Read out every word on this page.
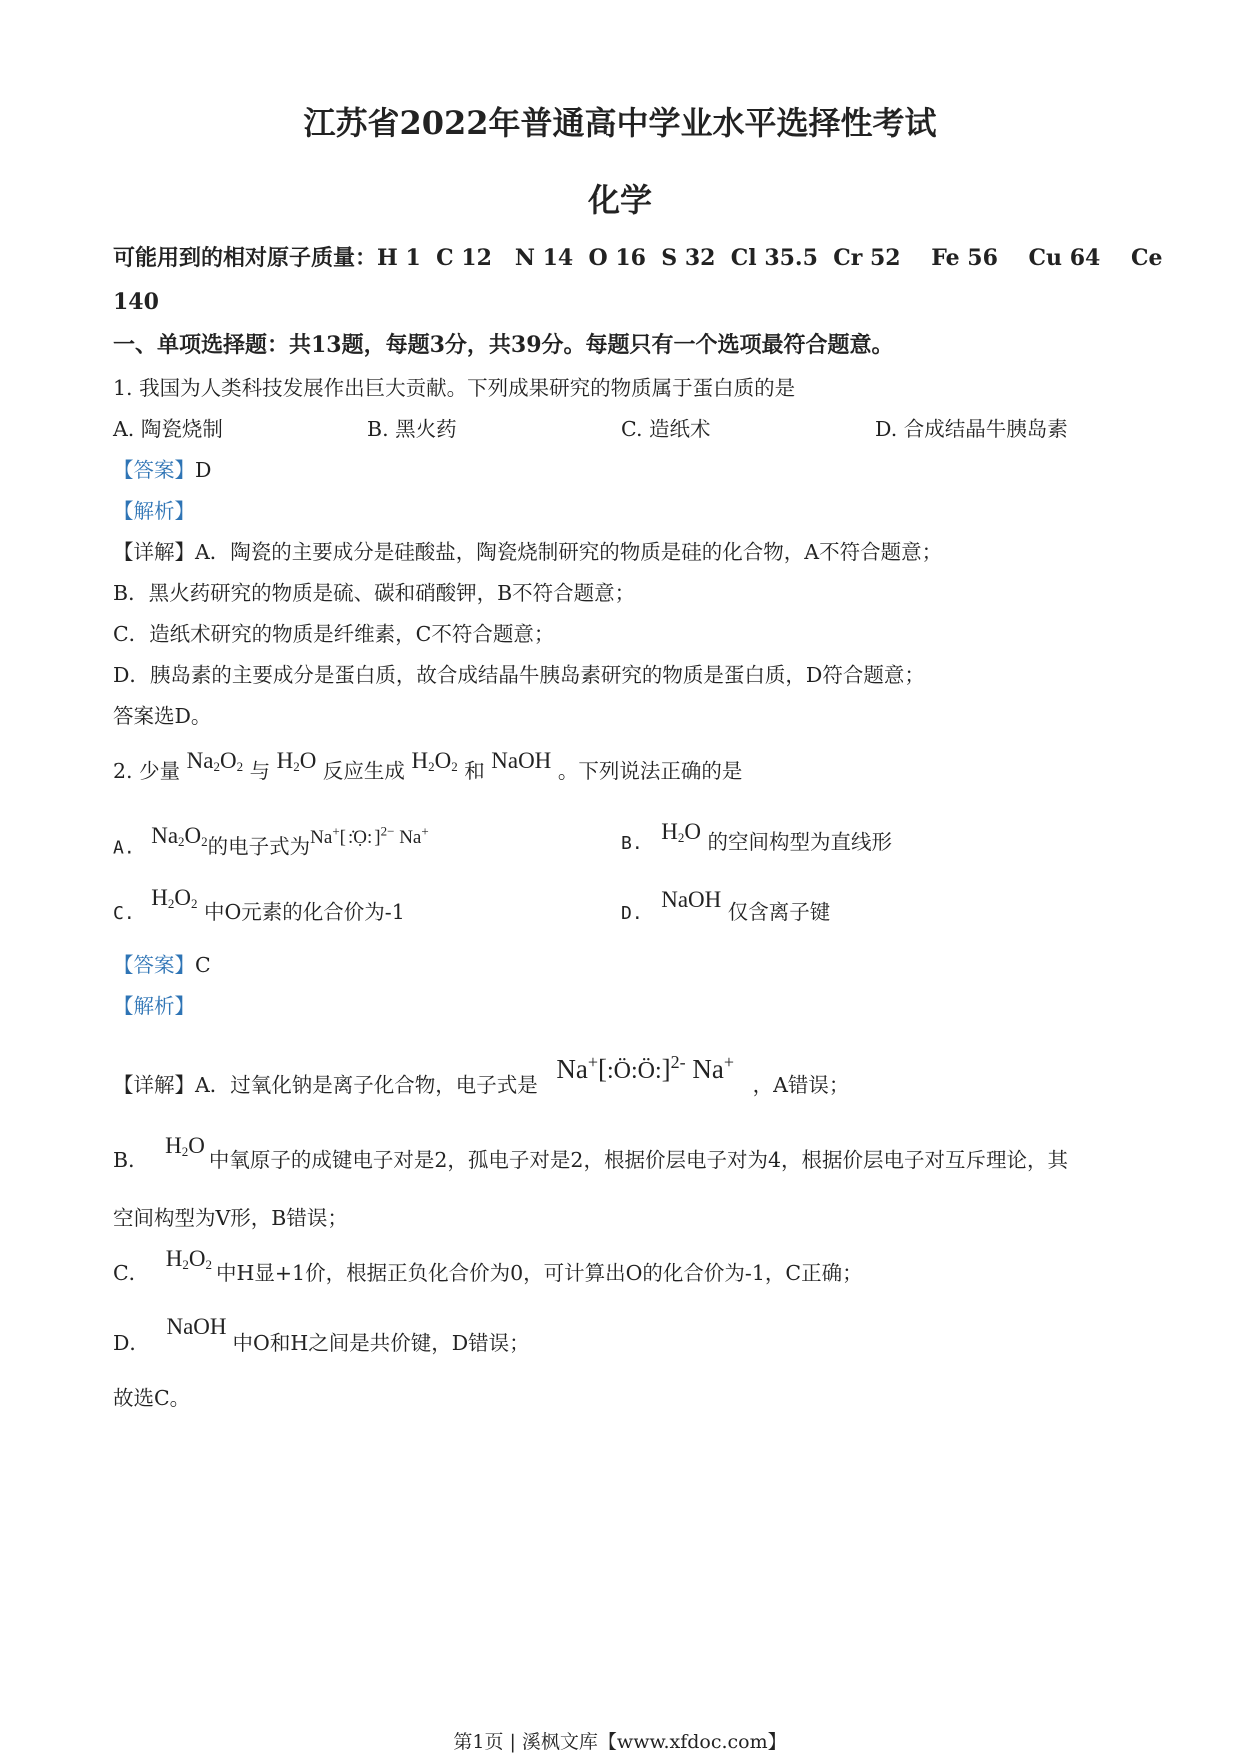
江苏省2022年普通高中学业水平选择性考试
化学
可能用到的相对原子质量：H 1  C 12   N 14  O 16  S 32  Cl 35.5  Cr 52    Fe 56    Cu 64    Ce
140
一、单项选择题：共13题，每题3分，共39分。每题只有一个选项最符合题意。
1. 我国为人类科技发展作出巨大贡献。下列成果研究的物质属于蛋白质的是
A. 陶瓷烧制	B. 黑火药	C. 造纸术	D. 合成结晶牛胰岛素
【答案】D
【解析】
【详解】A．陶瓷的主要成分是硅酸盐，陶瓷烧制研究的物质是硅的化合物，A不符合题意；
B．黑火药研究的物质是硫、碳和硝酸钾，B不符合题意；
C．造纸术研究的物质是纤维素，C不符合题意；
D．胰岛素的主要成分是蛋白质，故合成结晶牛胰岛素研究的物质是蛋白质，D符合题意；
答案选D。
2. 少量 $Na_2O_2$ 与 $H_2O$ 反应生成 $H_2O_2$ 和 NaOH 。下列说法正确的是
A. $Na_2O_2$的电子式为Na+[ :̇Ọ: ]$^{2-}$ Na+
B. $H_2O$ 的空间构型为直线形
C. $H_2O_2$ 中O元素的化合价为-1	D. NaOH 仅含离子键
【答案】C
【解析】
【详解】A．过氧化钠是离子化合物，电子式是 Na+[:Ö:Ö:]$^{2-}$ Na+ ，A错误；
B． $H_2O$中氧原子的成键电子对是2，孤电子对是2，根据价层电子对为4，根据价层电子对互斥理论，其
空间构型为V形，B错误；
C． $H_2O_2$ 中H显+1价，根据正负化合价为0，可计算出O的化合价为-1，C正确；
D． NaOH中O和H之间是共价键，D错误；
故选C。
第1页 | 溪枫文库【www.xfdoc.com】
